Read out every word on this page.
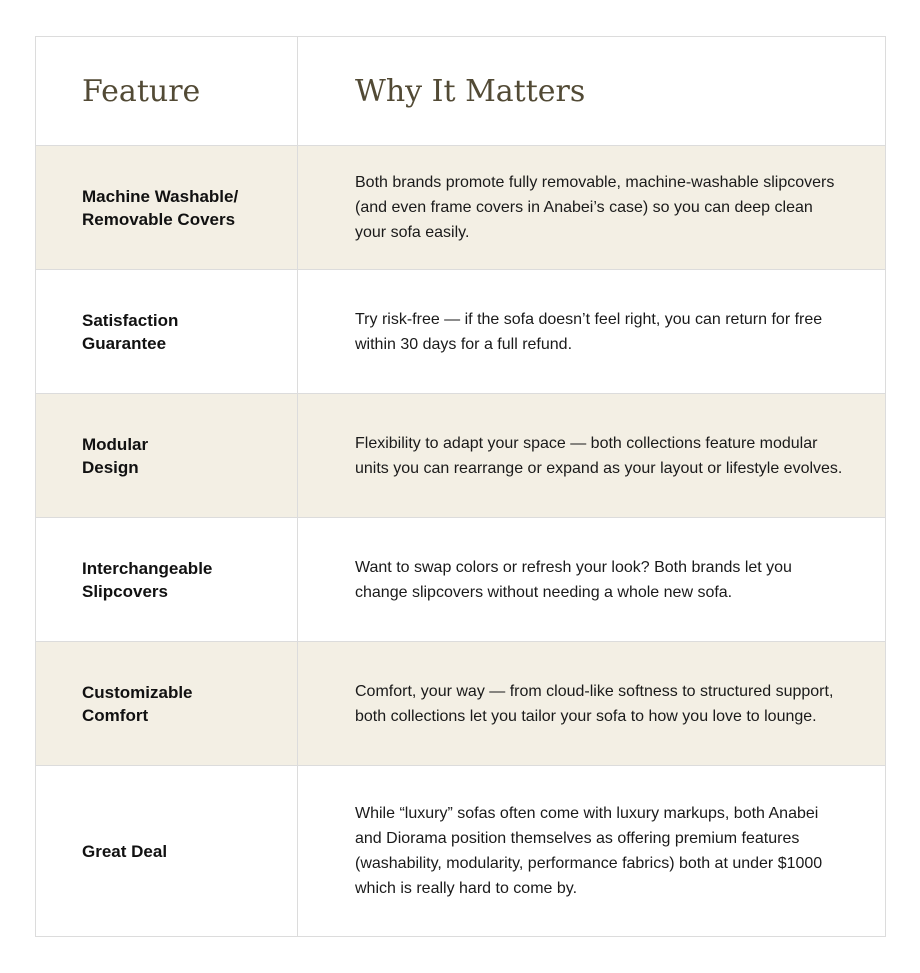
Feature	Why It Matters

Machine Washable/
Removable Covers	Both brands promote fully removable, machine-washable slipcovers (and even frame covers in Anabei’s case) so you can deep clean your sofa easily.

Satisfaction
Guarantee	Try risk-free — if the sofa doesn’t feel right, you can return for free within 30 days for a full refund.

Modular
Design	Flexibility to adapt your space — both collections feature modular units you can rearrange or expand as your layout or lifestyle evolves.

Interchangeable
Slipcovers	Want to swap colors or refresh your look? Both brands let you change slipcovers without needing a whole new sofa.

Customizable
Comfort	Comfort, your way — from cloud-like softness to structured support, both collections let you tailor your sofa to how you love to lounge.

Great Deal	While “luxury” sofas often come with luxury markups, both Anabei and Diorama position themselves as offering premium features (washability, modularity, performance fabrics) both at under $1000 which is really hard to come by.
